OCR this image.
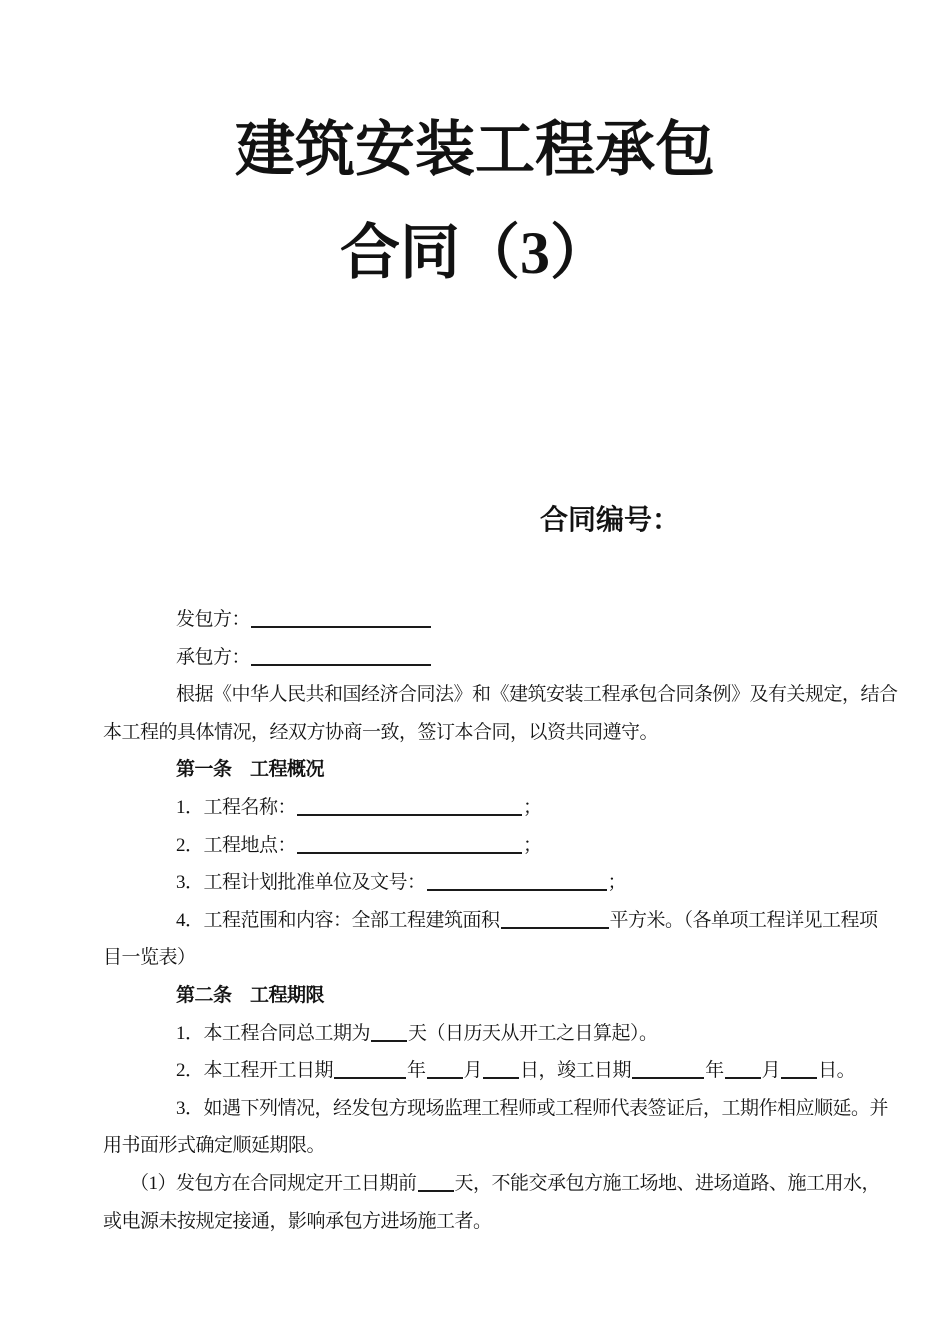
建筑安装工程承包
合同（3）
合同编号：
发包方：
承包方：
根据《中华人民共和国经济合同法》和《建筑安装工程承包合同条例》及有关规定，结合
本工程的具体情况，经双方协商一致，签订本合同，以资共同遵守。
第一条　工程概况
1．工程名称：	；
2．工程地点：	；
3．工程计划批准单位及文号：	；
4．工程范围和内容：全部工程建筑面积	平方米。（各单项工程详见工程项
目一览表）
第二条　工程期限
1．本工程合同总工期为 天（日历天从开工之日算起）。
2．本工程开工日期	年 月 日，竣工日期	年 月 日。
3．如遇下列情况，经发包方现场监理工程师或工程师代表签证后，工期作相应顺延。并
用书面形式确定顺延期限。
（1）发包方在合同规定开工日期前 天，不能交承包方施工场地、进场道路、施工用水，
或电源未按规定接通，影响承包方进场施工者。
